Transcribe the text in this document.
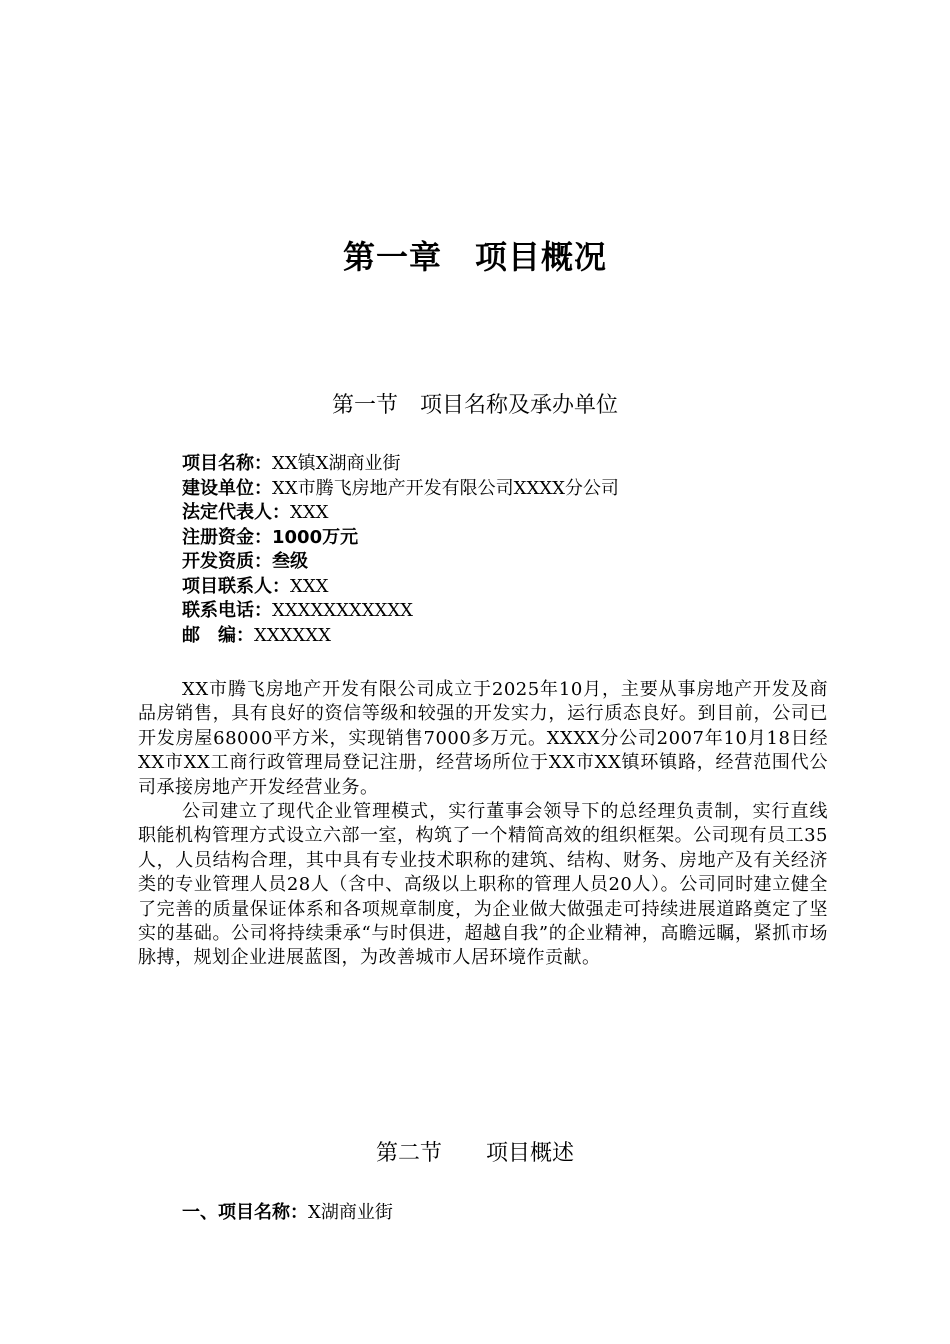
第一章　项目概况
第一节　项目名称及承办单位
项目名称：XX镇X湖商业街
建设单位：XX市腾飞房地产开发有限公司XXXX分公司
法定代表人：XXX
注册资金：1000万元
开发资质：叁级
项目联系人：XXX
联系电话：XXXXXXXXXXX
邮　编：XXXXXX

XX市腾飞房地产开发有限公司成立于2025年10月，主要从事房地产开发及商品房销售，具有良好的资信等级和较强的开发实力，运行质态良好。到目前，公司已开发房屋68000平方米，实现销售7000多万元。XXXX分公司2007年10月18日经XX市XX工商行政管理局登记注册，经营场所位于XX市XX镇环镇路，经营范围代公司承接房地产开发经营业务。

公司建立了现代企业管理模式，实行董事会领导下的总经理负责制，实行直线职能机构管理方式设立六部一室，构筑了一个精简高效的组织框架。公司现有员工35人，人员结构合理，其中具有专业技术职称的建筑、结构、财务、房地产及有关经济类的专业管理人员28人（含中、高级以上职称的管理人员20人）。公司同时建立健全了完善的质量保证体系和各项规章制度，为企业做大做强走可持续进展道路奠定了坚实的基础。公司将持续秉承“与时俱进，超越自我”的企业精神，高瞻远瞩，紧抓市场脉搏，规划企业进展蓝图，为改善城市人居环境作贡献。

第二节　　项目概述
一、项目名称：X湖商业街
